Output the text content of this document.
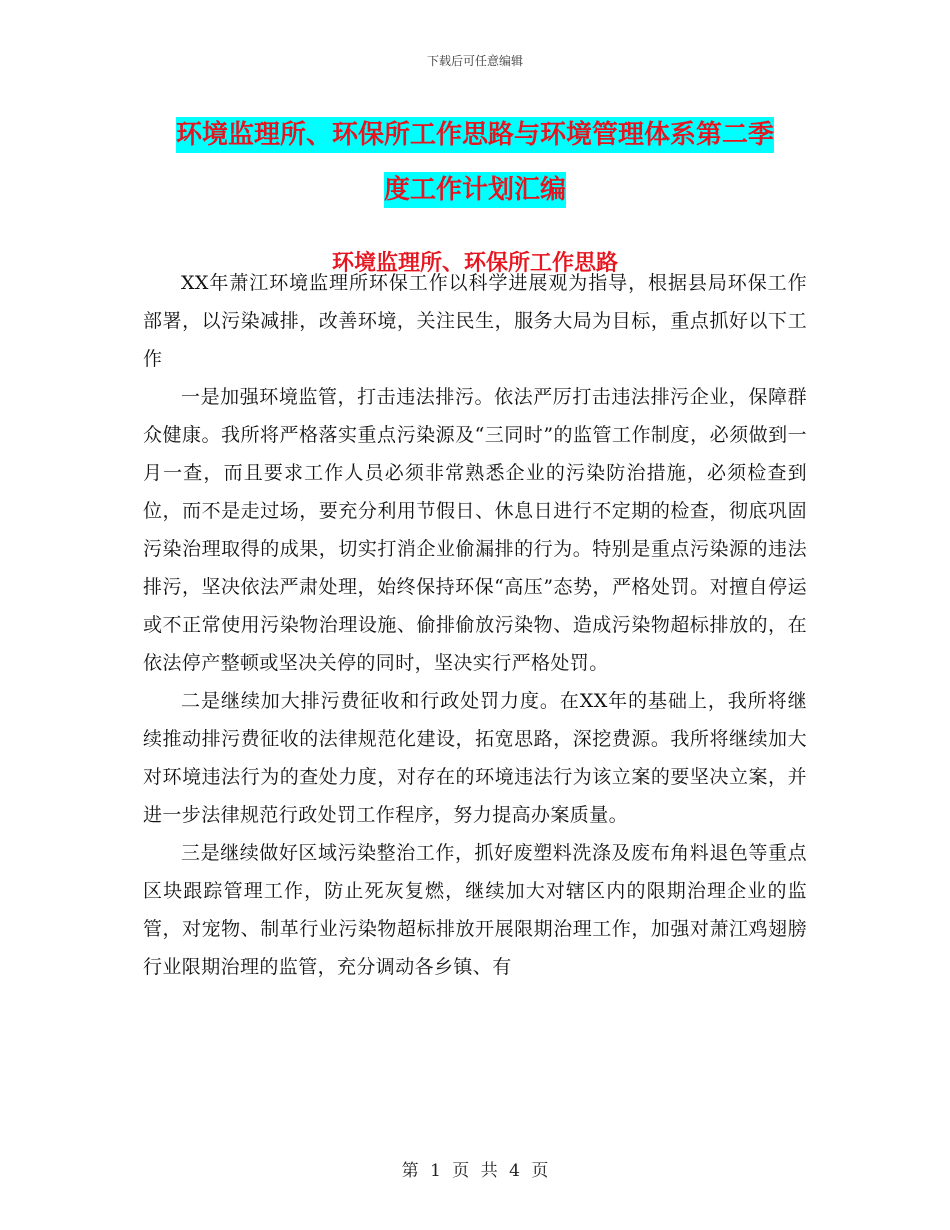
下载后可任意编辑
环境监理所、环保所工作思路与环境管理体系第二季
度工作计划汇编
环境监理所、环保所工作思路

XX年萧江环境监理所环保工作以科学进展观为指导，根据县局环保工作部署，以污染减排，改善环境，关注民生，服务大局为目标，重点抓好以下工作

一是加强环境监管，打击违法排污。依法严厉打击违法排污企业，保障群众健康。我所将严格落实重点污染源及“三同时”的监管工作制度，必须做到一月一查，而且要求工作人员必须非常熟悉企业的污染防治措施，必须检查到位，而不是走过场，要充分利用节假日、休息日进行不定期的检查，彻底巩固污染治理取得的成果，切实打消企业偷漏排的行为。特别是重点污染源的违法排污，坚决依法严肃处理，始终保持环保“高压”态势，严格处罚。对擅自停运或不正常使用污染物治理设施、偷排偷放污染物、造成污染物超标排放的，在依法停产整顿或坚决关停的同时，坚决实行严格处罚。

二是继续加大排污费征收和行政处罚力度。在XX年的基础上，我所将继续推动排污费征收的法律规范化建设，拓宽思路，深挖费源。我所将继续加大对环境违法行为的查处力度，对存在的环境违法行为该立案的要坚决立案，并进一步法律规范行政处罚工作程序，努力提高办案质量。

三是继续做好区域污染整治工作，抓好废塑料洗涤及废布角料退色等重点区块跟踪管理工作，防止死灰复燃，继续加大对辖区内的限期治理企业的监管，对宠物、制革行业污染物超标排放开展限期治理工作，加强对萧江鸡翅膀行业限期治理的监管，充分调动各乡镇、有

第 1 页 共 4 页
